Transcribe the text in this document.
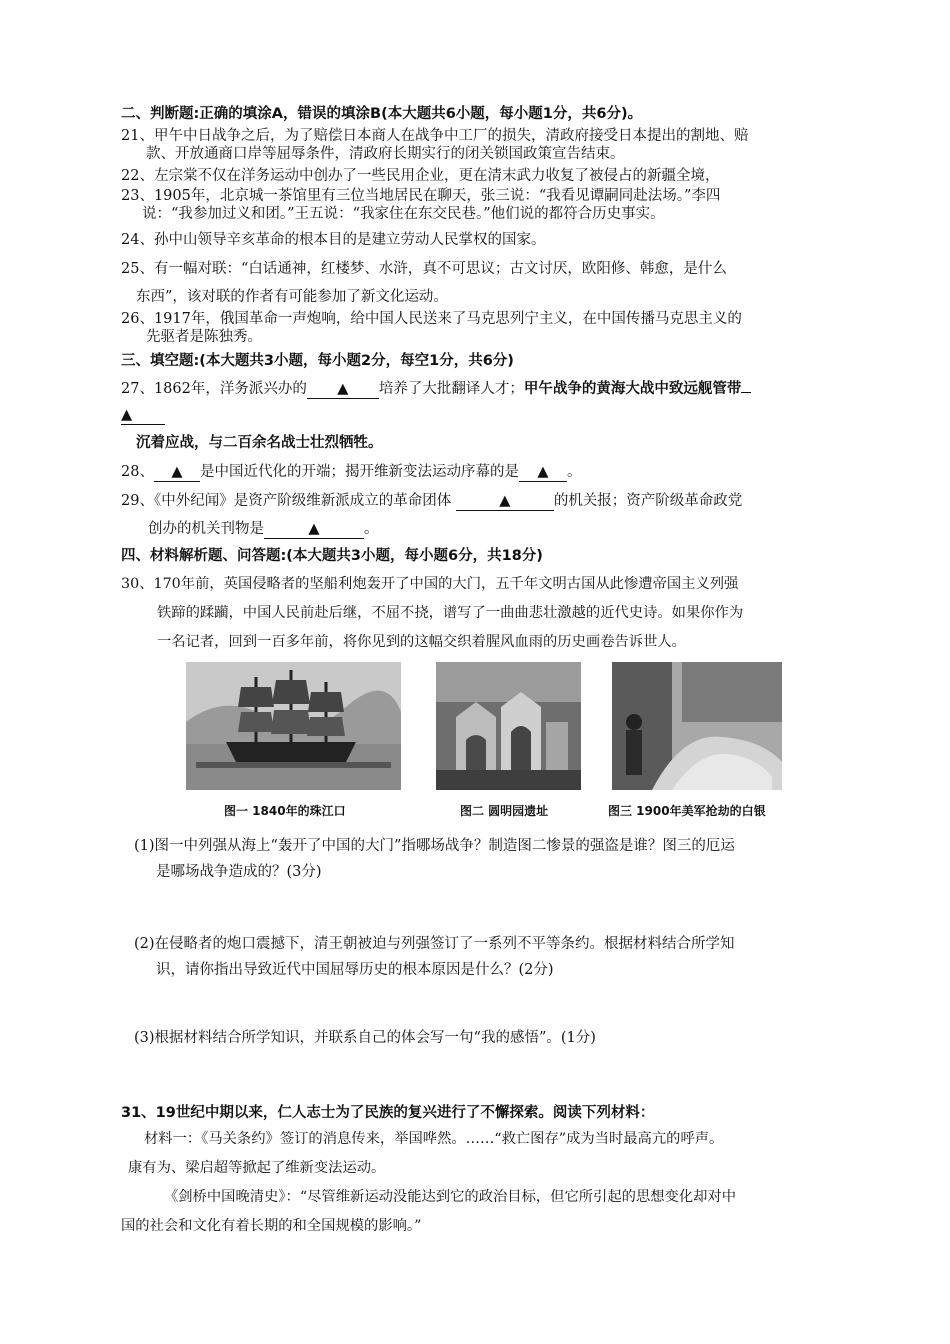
二、判断题:正确的填涂A，错误的填涂B(本大题共6小题，每小题1分，共6分)。
21、甲午中日战争之后，为了赔偿日本商人在战争中工厂的损失，清政府接受日本提出的割地、赔
款、开放通商口岸等屈辱条件，清政府长期实行的闭关锁国政策宣告结束。
22、左宗棠不仅在洋务运动中创办了一些民用企业，更在清末武力收复了被侵占的新疆全境，
23、1905年，北京城一茶馆里有三位当地居民在聊天，张三说：“我看见谭嗣同赴法场。”李四
说：“我参加过义和团。”王五说：“我家住在东交民巷。”他们说的都符合历史事实。
24、孙中山领导辛亥革命的根本目的是建立劳动人民掌权的国家。
25、有一幅对联：“白话通神，红楼梦、水浒，真不可思议；古文讨厌，欧阳修、韩愈，是什么
东西”，该对联的作者有可能参加了新文化运动。
26、1917年，俄国革命一声炮响，给中国人民送来了马克思列宁主义，在中国传播马克思主义的
先驱者是陈独秀。
三、填空题:(本大题共3小题，每小题2分，每空1分，共6分)
27、1862年，洋务派兴办的 ▲ 培养了大批翻译人才；甲午战争的黄海大战中致远舰管带
▲
沉着应战，与二百余名战士壮烈牺牲。
28、 ▲ 是中国近代化的开端；揭开维新变法运动序幕的是 ▲ 。
29、《中外纪闻》是资产阶级维新派成立的革命团体	▲	的机关报；资产阶级革命政党
创办的机关刊物是	▲	。
四、材料解析题、问答题:(本大题共3小题，每小题6分，共18分)
30、170年前，英国侵略者的坚船利炮轰开了中国的大门，五千年文明古国从此惨遭帝国主义列强
铁蹄的蹂躏，中国人民前赴后继，不屈不挠，谱写了一曲曲悲壮激越的近代史诗。如果你作为
一名记者，回到一百多年前，将你见到的这幅交织着腥风血雨的历史画卷告诉世人。
图一 1840年的珠江口	图二 圆明园遗址	图三 1900年美军抢劫的白银
(1)图一中列强从海上“轰开了中国的大门”指哪场战争？制造图二惨景的强盗是谁？图三的厄运
是哪场战争造成的？(3分)
(2)在侵略者的炮口震撼下，清王朝被迫与列强签订了一系列不平等条约。根据材料结合所学知
识，请你指出导致近代中国屈辱历史的根本原因是什么？(2分)
(3)根据材料结合所学知识，并联系自己的体会写一句“我的感悟”。(1分)
31、19世纪中期以来，仁人志士为了民族的复兴进行了不懈探索。阅读下列材料：
材料一：《马关条约》签订的消息传来，举国哗然。……“救亡图存”成为当时最高亢的呼声。
康有为、梁启超等掀起了维新变法运动。
《剑桥中国晚清史》：“尽管维新运动没能达到它的政治目标，但它所引起的思想变化却对中
国的社会和文化有着长期的和全国规模的影响。”
